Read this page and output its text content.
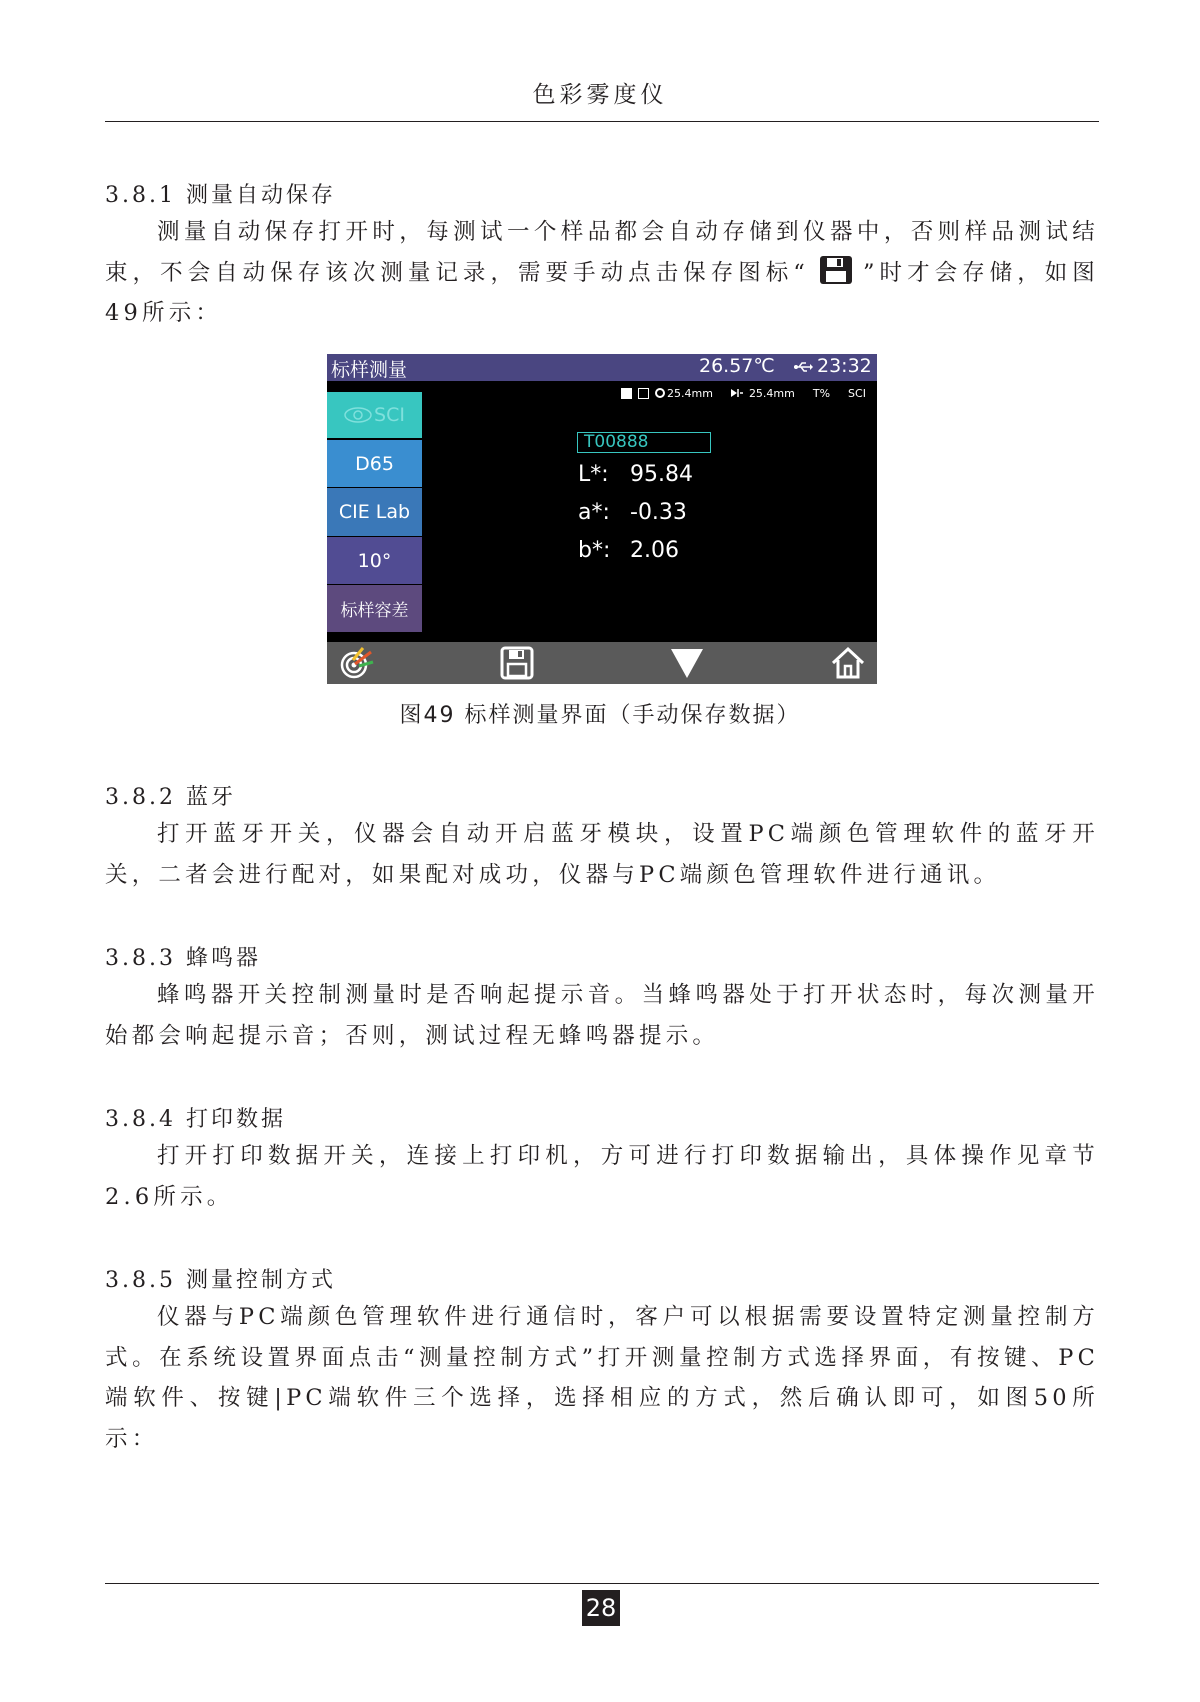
色彩雾度仪
3.8.1 测量自动保存

测量自动保存打开时，每测试一个样品都会自动存储到仪器中，否则样品测试结束，不会自动保存该次测量记录，需要手动点击保存图标“ ”时才会存储，如图49所示：

标样测量	26.57℃ 23:32
25.4mm	25.4mm T% SCI
SCI
D65
CIE Lab
10°
标样容差
T00888
L*: 95.84
a*: -0.33
b*: 2.06
图49 标样测量界面（手动保存数据）
3.8.2 蓝牙

打开蓝牙开关，仪器会自动开启蓝牙模块，设置PC端颜色管理软件的蓝牙开关，二者会进行配对，如果配对成功，仪器与PC端颜色管理软件进行通讯。

3.8.3 蜂鸣器

蜂鸣器开关控制测量时是否响起提示音。当蜂鸣器处于打开状态时，每次测量开始都会响起提示音；否则，测试过程无蜂鸣器提示。

3.8.4 打印数据

打开打印数据开关，连接上打印机，方可进行打印数据输出，具体操作见章节2.6所示。

3.8.5 测量控制方式

仪器与PC端颜色管理软件进行通信时，客户可以根据需要设置特定测量控制方式。在系统设置界面点击“测量控制方式”打开测量控制方式选择界面，有按键、PC端软件、按键|PC端软件三个选择，选择相应的方式，然后确认即可，如图50所示：

28
